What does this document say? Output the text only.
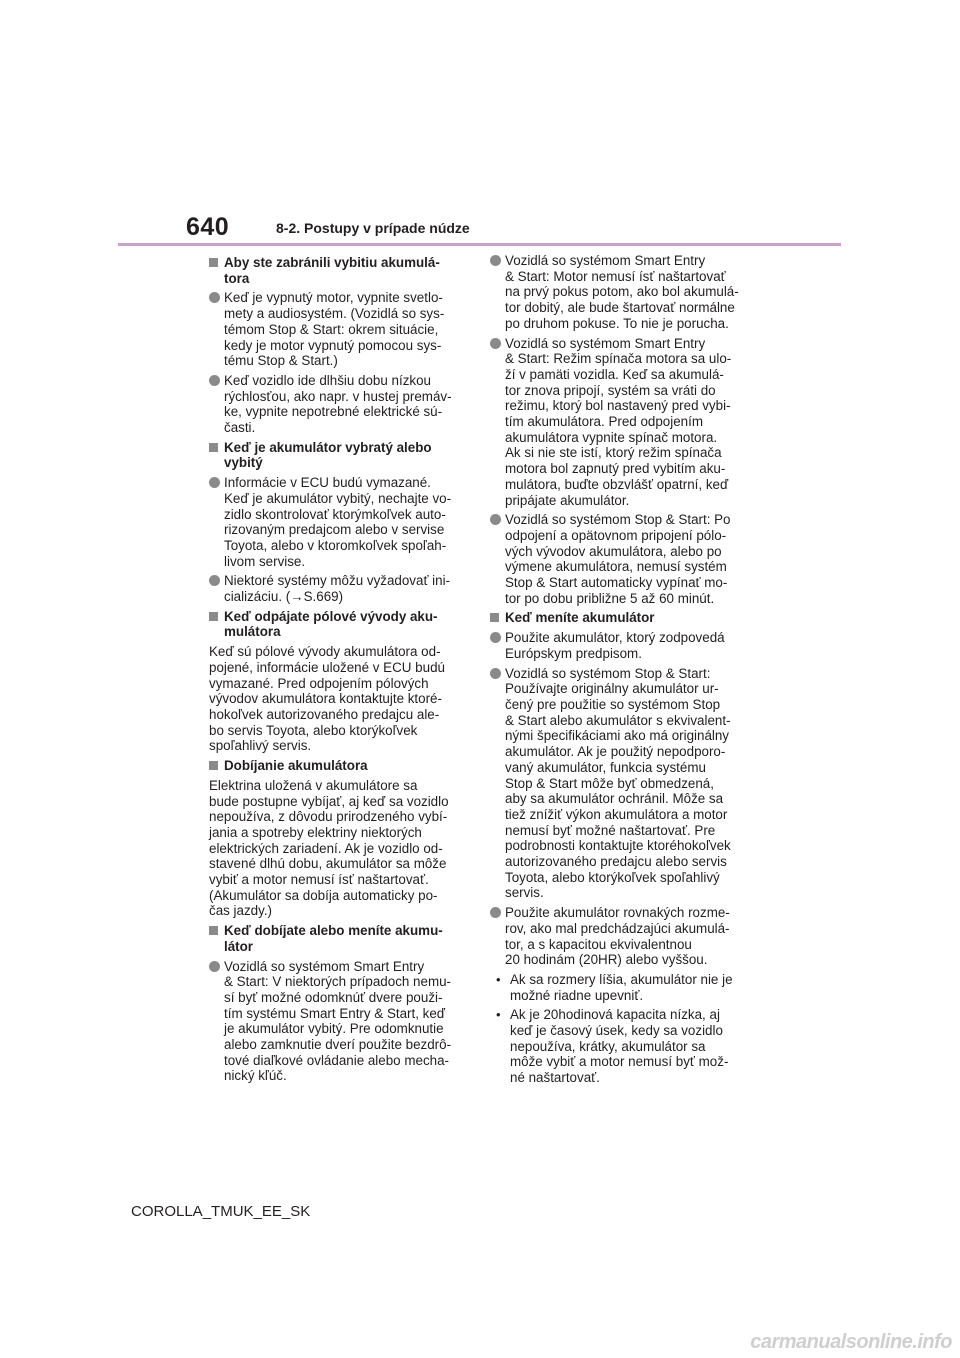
640	8-2. Postupy v prípade núdze
Aby ste zabránili vybitiu akumulá-
tora
Keď je vypnutý motor, vypnite svetlo-
mety a audiosystém. (Vozidlá so sys-
témom Stop & Start: okrem situácie,
kedy je motor vypnutý pomocou sys-
tému Stop & Start.)
Keď vozidlo ide dlhšiu dobu nízkou
rýchlosťou, ako napr. v hustej premáv-
ke, vypnite nepotrebné elektrické sú-
časti.
Keď je akumulátor vybratý alebo
vybitý
Informácie v ECU budú vymazané.
Keď je akumulátor vybitý, nechajte vo-
zidlo skontrolovať ktorýmkoľvek auto-
rizovaným predajcom alebo v servise
Toyota, alebo v ktoromkoľvek spoľah-
livom servise.
Niektoré systémy môžu vyžadovať ini-
cializáciu. (→S.669)
Keď odpájate pólové vývody aku-
mulátora
Keď sú pólové vývody akumulátora od-
pojené, informácie uložené v ECU budú
vymazané. Pred odpojením pólových
vývodov akumulátora kontaktujte ktoré-
hokoľvek autorizovaného predajcu ale-
bo servis Toyota, alebo ktorýkoľvek
spoľahlivý servis.
Dobíjanie akumulátora
Elektrina uložená v akumulátore sa
bude postupne vybíjať, aj keď sa vozidlo
nepoužíva, z dôvodu prirodzeného vybí-
jania a spotreby elektriny niektorých
elektrických zariadení. Ak je vozidlo od-
stavené dlhú dobu, akumulátor sa môže
vybiť a motor nemusí ísť naštartovať.
(Akumulátor sa dobíja automaticky po-
čas jazdy.)
Keď dobíjate alebo meníte akumu-
látor
Vozidlá so systémom Smart Entry
& Start: V niektorých prípadoch nemu-
sí byť možné odomknúť dvere použi-
tím systému Smart Entry & Start, keď
je akumulátor vybitý. Pre odomknutie
alebo zamknutie dverí použite bezdrô-
tové diaľkové ovládanie alebo mecha-
nický kľúč.
Vozidlá so systémom Smart Entry
& Start: Motor nemusí ísť naštartovať
na prvý pokus potom, ako bol akumulá-
tor dobitý, ale bude štartovať normálne
po druhom pokuse. To nie je porucha.
Vozidlá so systémom Smart Entry
& Start: Režim spínača motora sa ulo-
ží v pamäti vozidla. Keď sa akumulá-
tor znova pripojí, systém sa vráti do
režimu, ktorý bol nastavený pred vybi-
tím akumulátora. Pred odpojením
akumulátora vypnite spínač motora.
Ak si nie ste istí, ktorý režim spínača
motora bol zapnutý pred vybitím aku-
mulátora, buďte obzvlášť opatrní, keď
pripájate akumulátor.
Vozidlá so systémom Stop & Start: Po
odpojení a opätovnom pripojení pólo-
vých vývodov akumulátora, alebo po
výmene akumulátora, nemusí systém
Stop & Start automaticky vypínať mo-
tor po dobu približne 5 až 60 minút.
Keď meníte akumulátor
Použite akumulátor, ktorý zodpovedá
Európskym predpisom.
Vozidlá so systémom Stop & Start:
Používajte originálny akumulátor ur-
čený pre použitie so systémom Stop
& Start alebo akumulátor s ekvivalent-
nými špecifikáciami ako má originálny
akumulátor. Ak je použitý nepodporo-
vaný akumulátor, funkcia systému
Stop & Start môže byť obmedzená,
aby sa akumulátor ochránil. Môže sa
tiež znížiť výkon akumulátora a motor
nemusí byť možné naštartovať. Pre
podrobnosti kontaktujte ktoréhokoľvek
autorizovaného predajcu alebo servis
Toyota, alebo ktorýkoľvek spoľahlivý
servis.
Použite akumulátor rovnakých rozme-
rov, ako mal predchádzajúci akumulá-
tor, a s kapacitou ekvivalentnou
20 hodinám (20HR) alebo vyššou.
• Ak sa rozmery líšia, akumulátor nie je
možné riadne upevniť.
• Ak je 20hodinová kapacita nízka, aj
keď je časový úsek, kedy sa vozidlo
nepoužíva, krátky, akumulátor sa
môže vybiť a motor nemusí byť mož-
né naštartovať.
COROLLA_TMUK_EE_SK
carmanualsonline.info
